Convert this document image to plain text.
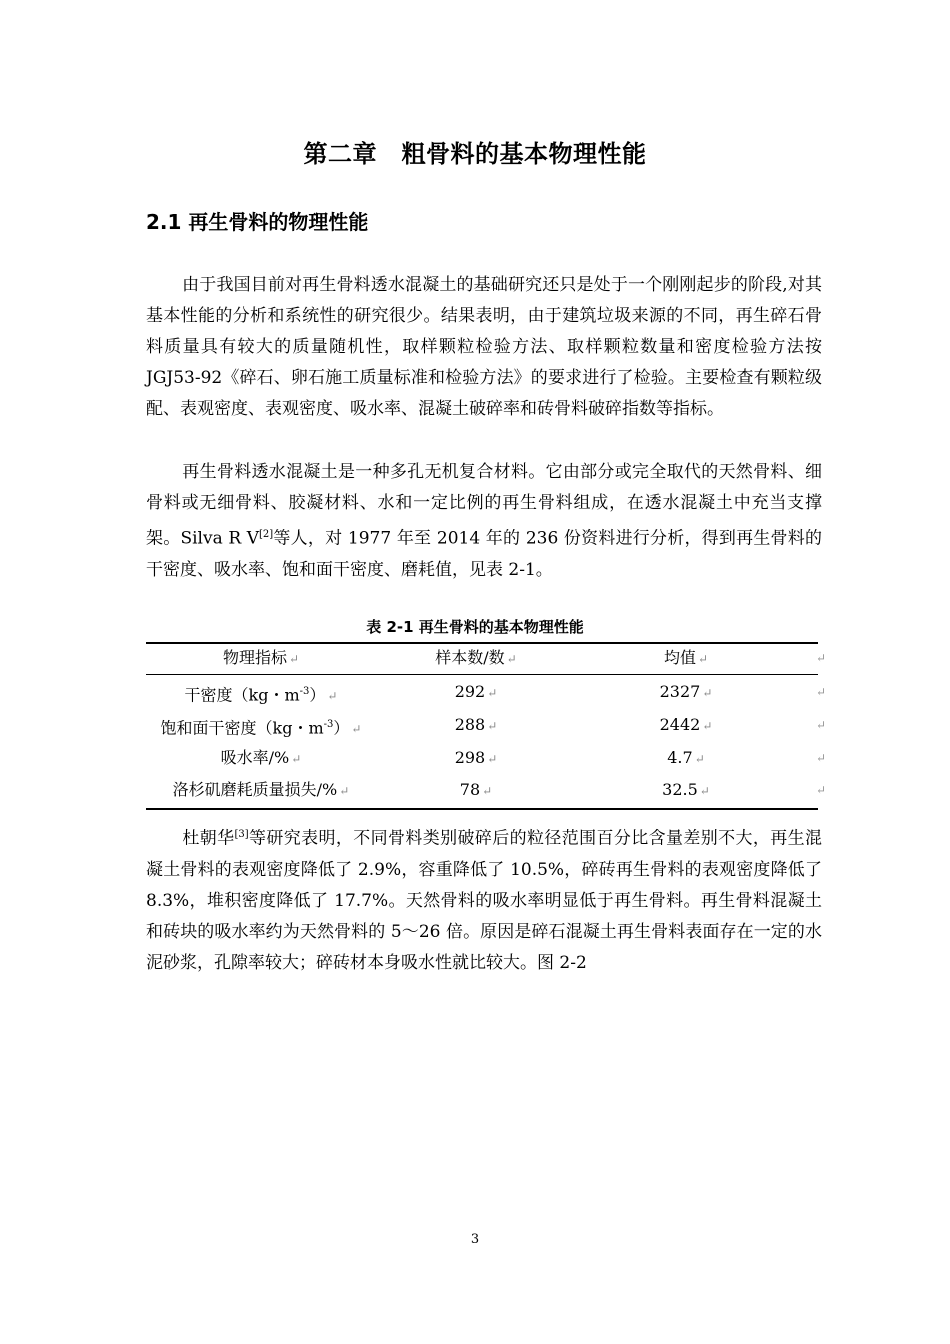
第二章　粗骨料的基本物理性能
2.1 再生骨料的物理性能

由于我国目前对再生骨料透水混凝土的基础研究还只是处于一个刚刚起步的阶段,对其基本性能的分析和系统性的研究很少。结果表明，由于建筑垃圾来源的不同，再生碎石骨料质量具有较大的质量随机性，取样颗粒检验方法、取样颗粒数量和密度检验方法按 JGJ53-92《碎石、卵石施工质量标准和检验方法》的要求进行了检验。主要检查有颗粒级配、表观密度、表观密度、吸水率、混凝土破碎率和砖骨料破碎指数等指标。

再生骨料透水混凝土是一种多孔无机复合材料。它由部分或完全取代的天然骨料、细骨料或无细骨料、胶凝材料、水和一定比例的再生骨料组成，在透水混凝土中充当支撑架。Silva R V[2]等人，对 1977 年至 2014 年的 236 份资料进行分析，得到再生骨料的干密度、吸水率、饱和面干密度、磨耗值，见表 2-1。

表 2-1 再生骨料的基本物理性能
物理指标 ↵	样本数/数 ↵	均值 ↵	↵
干密度（kg・$m^{-3}$） ↵	292 ↵	2327 ↵	↵
饱和面干密度（kg・$m^{-3}$） ↵	288 ↵	2442 ↵	↵
吸水率/% ↵	298 ↵	4.7 ↵	↵
洛杉矶磨耗质量损失/% ↵	78 ↵	32.5 ↵	↵

杜朝华[3]等研究表明，不同骨料类别破碎后的粒径范围百分比含量差别不大，再生混凝土骨料的表观密度降低了 2.9%，容重降低了 10.5%，碎砖再生骨料的表观密度降低了 8.3%，堆积密度降低了 17.7%。天然骨料的吸水率明显低于再生骨料。再生骨料混凝土和砖块的吸水率约为天然骨料的 5～26 倍。原因是碎石混凝土再生骨料表面存在一定的水泥砂浆，孔隙率较大；碎砖材本身吸水性就比较大。图 2-2

3
